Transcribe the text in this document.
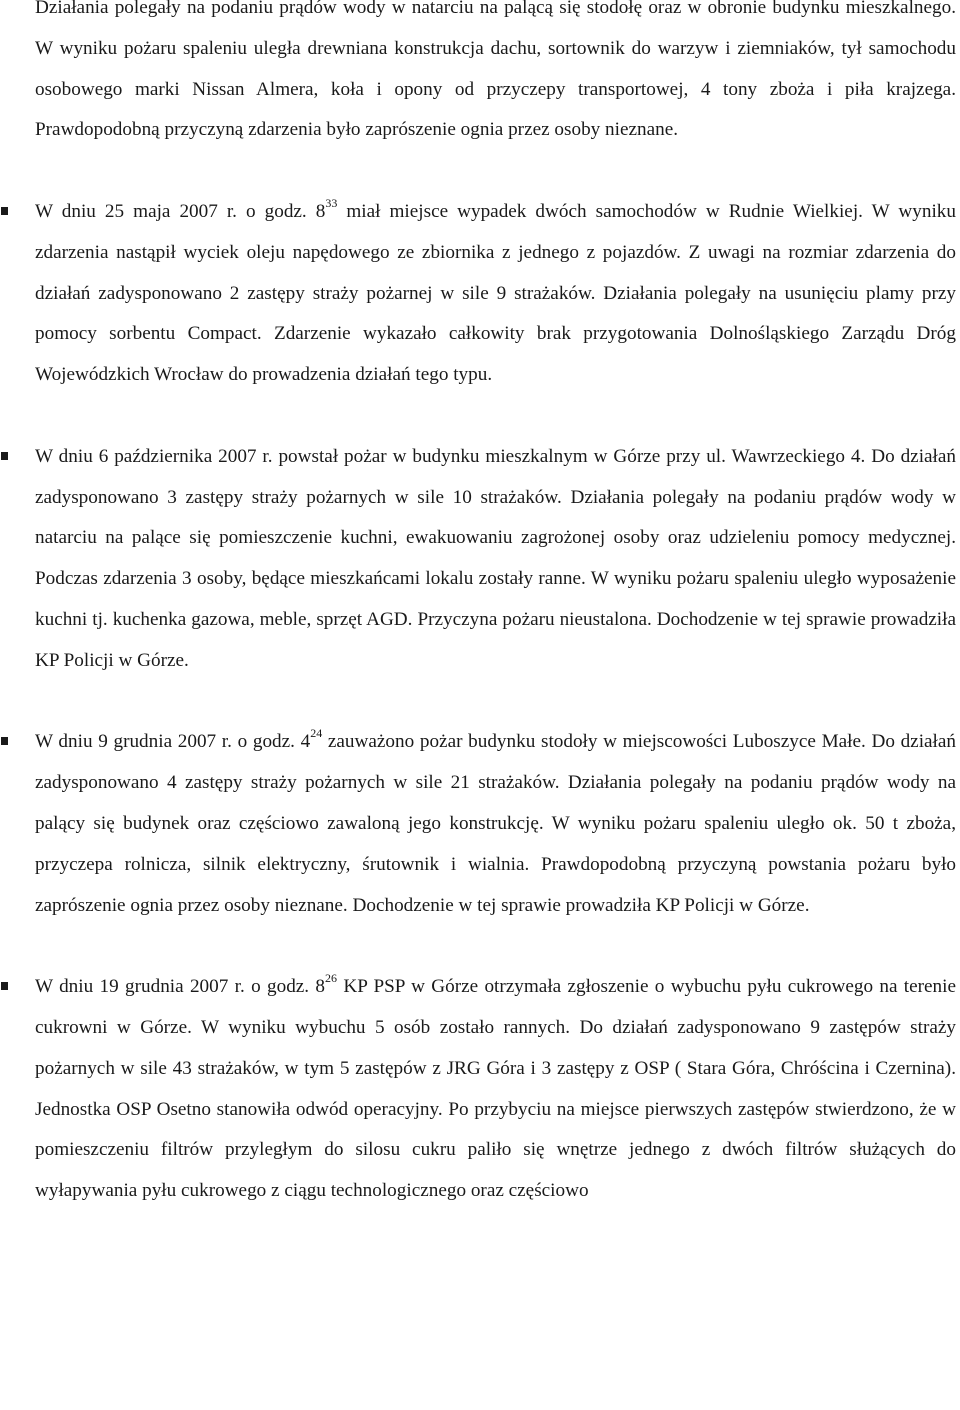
Działania polegały na podaniu prądów wody w natarciu na palącą się stodołę oraz w obronie budynku mieszkalnego. W wyniku pożaru spaleniu uległa drewniana konstrukcja dachu, sortownik do warzyw i ziemniaków, tył samochodu osobowego marki Nissan Almera, koła i opony od przyczepy transportowej, 4 tony zboża i piła krajzega. Prawdopodobną przyczyną zdarzenia było zaprószenie ognia przez osoby nieznane.

W dniu 25 maja 2007 r. o godz. $8^{33}$ miał miejsce wypadek dwóch samochodów w Rudnie Wielkiej. W wyniku zdarzenia nastąpił wyciek oleju napędowego ze zbiornika z jednego z pojazdów. Z uwagi na rozmiar zdarzenia do działań zadysponowano 2 zastępy straży pożarnej w sile 9 strażaków. Działania polegały na usunięciu plamy przy pomocy sorbentu Compact. Zdarzenie wykazało całkowity brak przygotowania Dolnośląskiego Zarządu Dróg Wojewódzkich Wrocław do prowadzenia działań tego typu.

W dniu 6 października 2007 r. powstał pożar w budynku mieszkalnym w Górze przy ul. Wawrzeckiego 4. Do działań zadysponowano 3 zastępy straży pożarnych w sile 10 strażaków. Działania polegały na podaniu prądów wody w natarciu na palące się pomieszczenie kuchni, ewakuowaniu zagrożonej osoby oraz udzieleniu pomocy medycznej. Podczas zdarzenia 3 osoby, będące mieszkańcami lokalu zostały ranne. W wyniku pożaru spaleniu uległo wyposażenie kuchni tj. kuchenka gazowa, meble, sprzęt AGD. Przyczyna pożaru nieustalona. Dochodzenie w tej sprawie prowadziła KP Policji w Górze.

W dniu 9 grudnia 2007 r. o godz. $4^{24}$ zauważono pożar budynku stodoły w miejscowości Luboszyce Małe. Do działań zadysponowano 4 zastępy straży pożarnych w sile 21 strażaków. Działania polegały na podaniu prądów wody na palący się budynek oraz częściowo zawaloną jego konstrukcję. W wyniku pożaru spaleniu uległo ok. 50 t zboża, przyczepa rolnicza, silnik elektryczny, śrutownik i wialnia. Prawdopodobną przyczyną powstania pożaru było zaprószenie ognia przez osoby nieznane. Dochodzenie w tej sprawie prowadziła KP Policji w Górze.

W dniu 19 grudnia 2007 r. o godz. $8^{26}$ KP PSP w Górze otrzymała zgłoszenie o wybuchu pyłu cukrowego na terenie cukrowni w Górze. W wyniku wybuchu 5 osób zostało rannych. Do działań zadysponowano 9 zastępów straży pożarnych w sile 43 strażaków, w tym 5 zastępów z JRG Góra i 3 zastępy z OSP ( Stara Góra, Chróścina i Czernina). Jednostka OSP Osetno stanowiła odwód operacyjny. Po przybyciu na miejsce pierwszych zastępów stwierdzono, że w pomieszczeniu filtrów przyległym do silosu cukru paliło się wnętrze jednego z dwóch filtrów służących do wyłapywania pyłu cukrowego z ciągu technologicznego oraz częściowo
